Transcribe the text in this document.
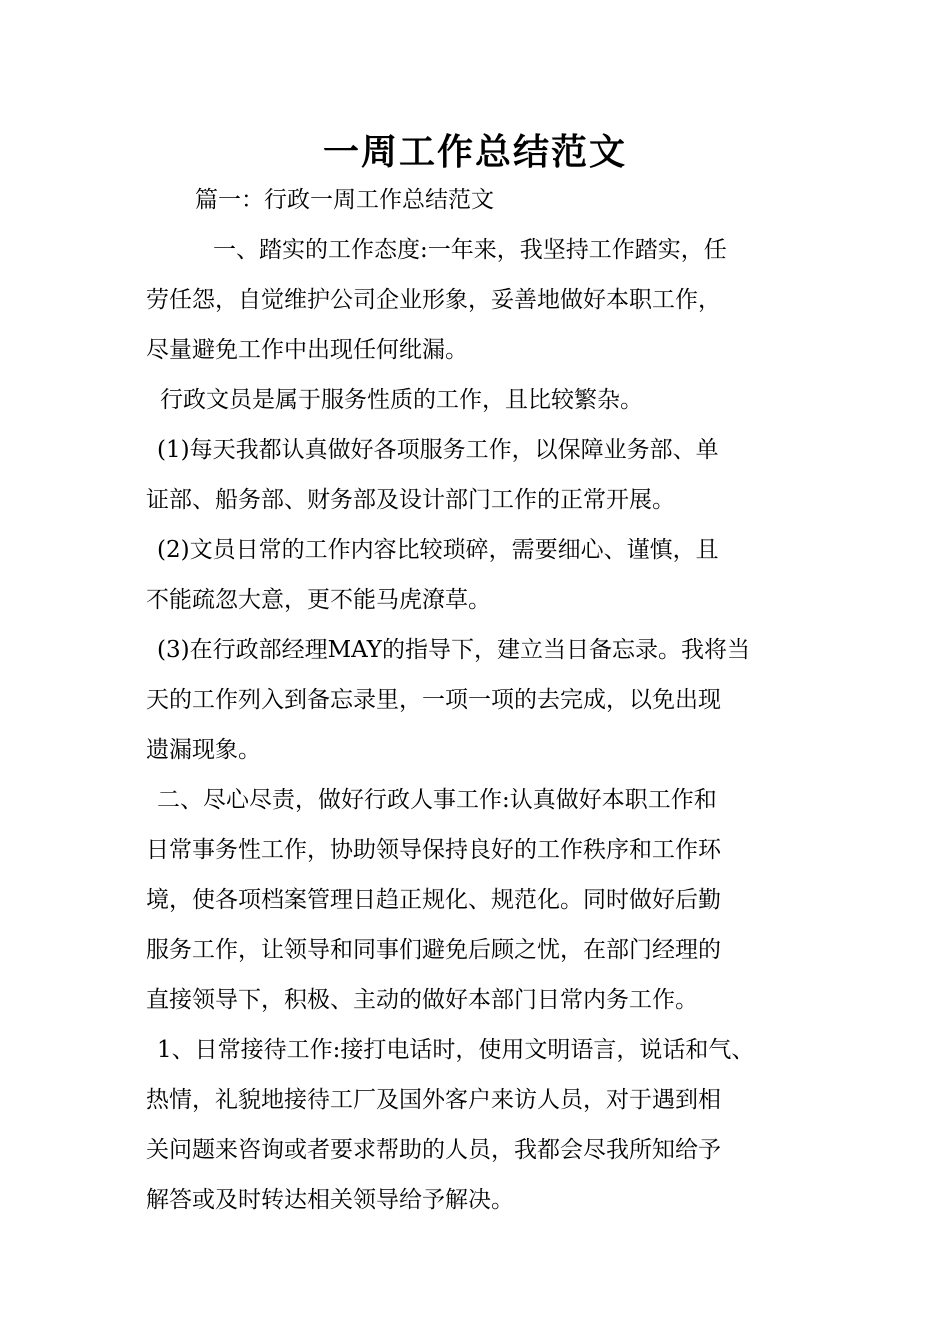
一周工作总结范文
篇一：行政一周工作总结范文
一、踏实的工作态度:一年来，我坚持工作踏实，任
劳任怨，自觉维护公司企业形象，妥善地做好本职工作，
尽量避免工作中出现任何纰漏。
行政文员是属于服务性质的工作，且比较繁杂。
(1)每天我都认真做好各项服务工作，以保障业务部、单
证部、船务部、财务部及设计部门工作的正常开展。
(2)文员日常的工作内容比较琐碎，需要细心、谨慎，且
不能疏忽大意，更不能马虎潦草。
(3)在行政部经理MAY的指导下，建立当日备忘录。我将当
天的工作列入到备忘录里，一项一项的去完成，以免出现
遗漏现象。
二、尽心尽责，做好行政人事工作:认真做好本职工作和
日常事务性工作，协助领导保持良好的工作秩序和工作环
境，使各项档案管理日趋正规化、规范化。同时做好后勤
服务工作，让领导和同事们避免后顾之忧，在部门经理的
直接领导下，积极、主动的做好本部门日常内务工作。
1、日常接待工作:接打电话时，使用文明语言，说话和气、
热情，礼貌地接待工厂及国外客户来访人员，对于遇到相
关问题来咨询或者要求帮助的人员，我都会尽我所知给予
解答或及时转达相关领导给予解决。
